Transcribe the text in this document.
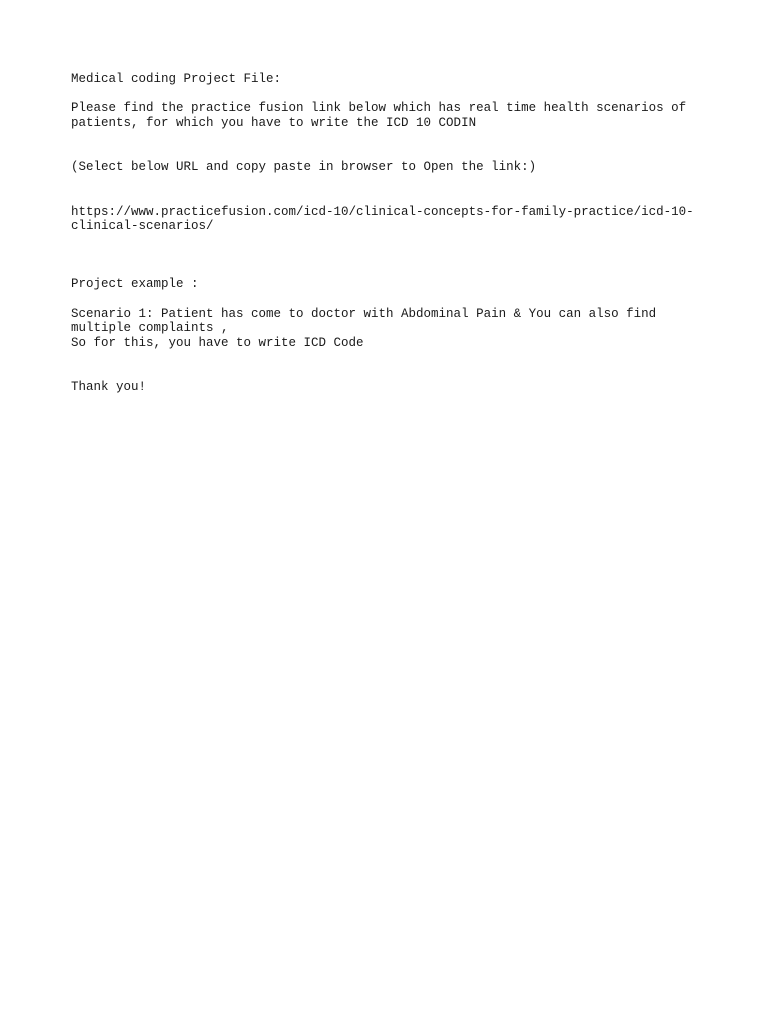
Medical coding Project File:

Please find the practice fusion link below which has real time health scenarios of

patients, for which you have to write the ICD 10 CODIN

(Select below URL and copy paste in browser to Open the link:)

https://www.practicefusion.com/icd-10/clinical-concepts-for-family-practice/icd-10-

clinical-scenarios/

Project example :

Scenario 1: Patient has come to doctor with Abdominal Pain & You can also find

multiple complaints ,

So for this, you have to write ICD Code

Thank you!
